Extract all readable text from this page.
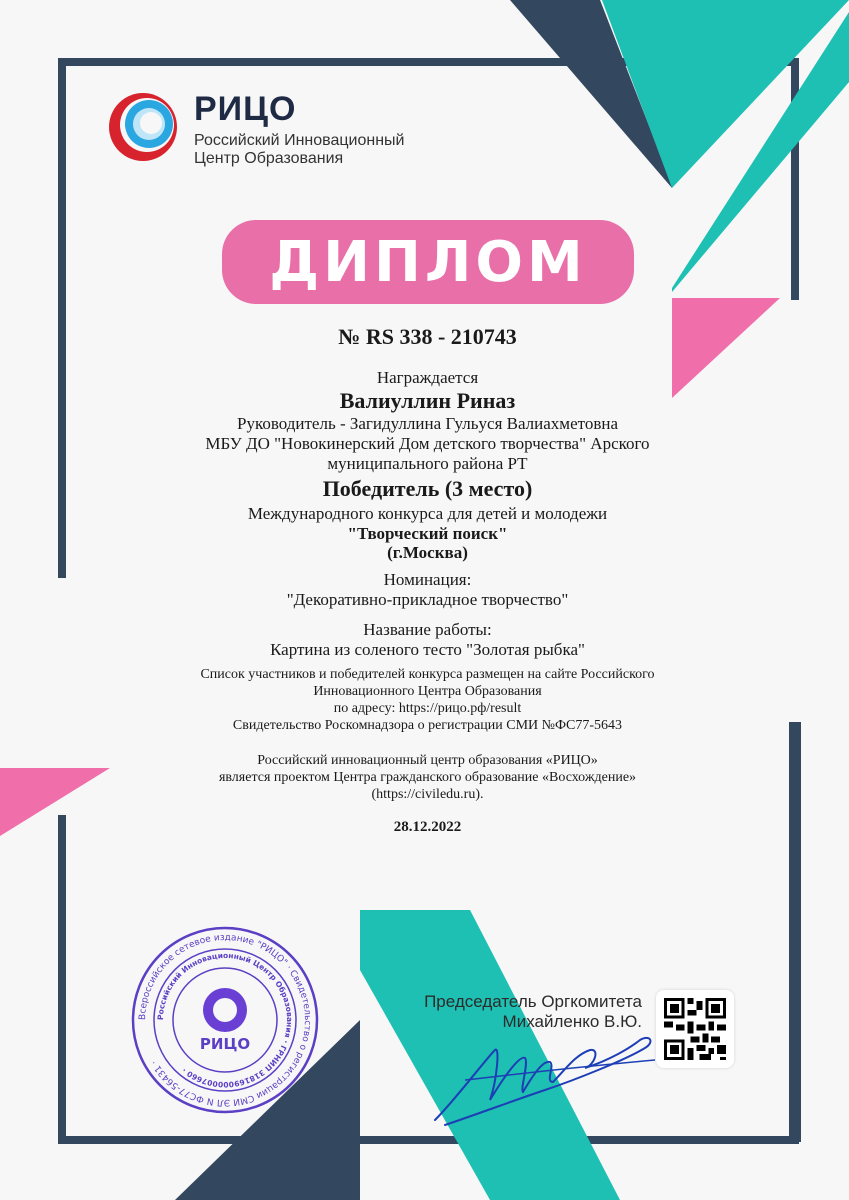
РИЦО
Российский Инновационный
Центр Образования
ДИПЛОМ
№ RS 338 - 210743
Награждается
Валиуллин Риназ
Руководитель - Загидуллина Гульуся Валиахметовна
МБУ ДО "Новокинерский Дом детского творчества" Арского
муниципального района РТ
Победитель (3 место)
Международного конкурса для детей и молодежи
"Творческий поиск"
(г.Москва)
Номинация:
"Декоративно-прикладное творчество"
Название работы:
Картина из соленого тесто "Золотая рыбка"
Список участников и победителей конкурса размещен на сайте Российского
Инновационного Центра Образования
по адресу: https://рицо.рф/result
Свидетельство Роскомнадзора о регистрации СМИ №ФС77-5643
Российский инновационный центр образования «РИЦО»
является проектом Центра гражданского образование «Восхождение»
(https://civiledu.ru).
28.12.2022
Всероссийское сетевое издание "РИЦО" · Свидетельство о регистрации СМИ ЭЛ N ФС77-56431 ·
Российский Инновационный Центр Образования · ГРНИП 318169000007660 ·
РИЦО
Председатель Оргкомитета
Михайленко В.Ю.
